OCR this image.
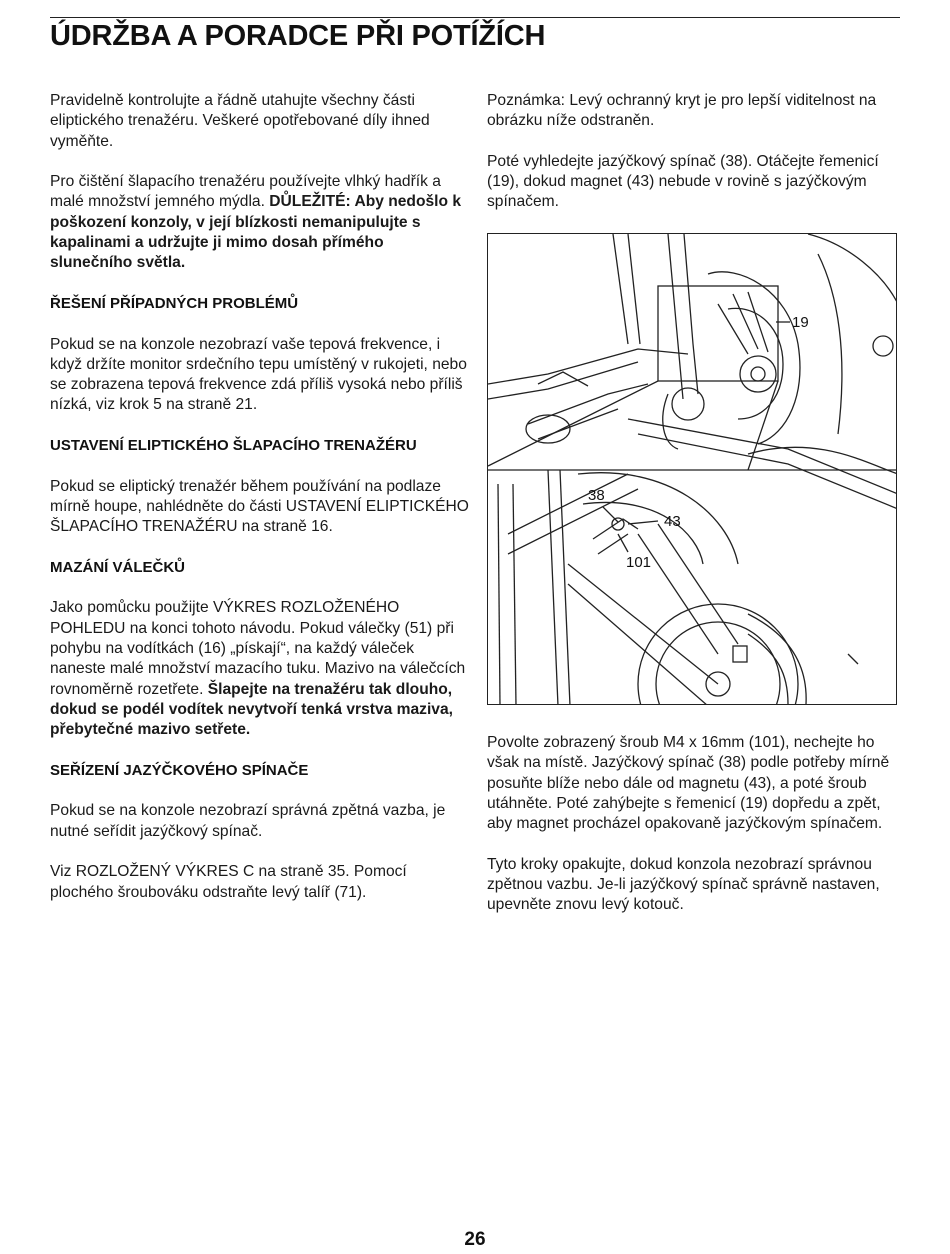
ÚDRŽBA A PORADCE PŘI POTÍŽÍCH

Pravidelně kontrolujte a řádně utahujte všechny části eliptického trenažéru. Veškeré opotřebované díly ihned vyměňte.

Pro čištění šlapacího trenažéru používejte vlhký hadřík a malé množství jemného mýdla. DŮLEŽITÉ: Aby nedošlo k poškození konzoly, v její blízkosti nemanipulujte s kapalinami a udržujte ji mimo dosah přímého slunečního světla.

ŘEŠENÍ PŘÍPADNÝCH PROBLÉMŮ

Pokud se na konzole nezobrazí vaše tepová frekvence, i když držíte monitor srdečního tepu umístěný v rukojeti, nebo se zobrazena tepová frekvence zdá příliš vysoká nebo příliš nízká, viz krok 5 na straně 21.

USTAVENÍ ELIPTICKÉHO ŠLAPACÍHO TRENAŽÉRU

Pokud se eliptický trenažér během používání na podlaze mírně houpe, nahlédněte do části USTAVENÍ ELIPTICKÉHO ŠLAPACÍHO TRENAŽÉRU na straně 16.

MAZÁNÍ VÁLEČKŮ

Jako pomůcku použijte VÝKRES ROZLOŽENÉHO POHLEDU na konci tohoto návodu. Pokud válečky (51) při pohybu na vodítkách (16) „pískají“, na každý váleček naneste malé množství mazacího tuku. Mazivo na válečcích rovnoměrně rozetřete. Šlapejte na trenažéru tak dlouho, dokud se podél vodítek nevytvoří tenká vrstva maziva, přebytečné mazivo setřete.

SEŘÍZENÍ JAZÝČKOVÉHO SPÍNAČE

Pokud se na konzole nezobrazí správná zpětná vazba, je nutné seřídit jazýčkový spínač.

Viz ROZLOŽENÝ VÝKRES C na straně 35. Pomocí plochého šroubováku odstraňte levý talíř (71).

Poznámka: Levý ochranný kryt je pro lepší viditelnost na obrázku níže odstraněn.

Poté vyhledejte jazýčkový spínač (38). Otáčejte řemenicí (19), dokud magnet (43) nebude v rovině s jazýčkovým spínačem.

19
38
43
101

Povolte zobrazený šroub M4 x 16mm (101), nechejte ho však na místě. Jazýčkový spínač (38) podle potřeby mírně posuňte blíže nebo dále od magnetu (43), a poté šroub utáhněte. Poté zahýbejte s řemenicí (19) dopředu a zpět, aby magnet procházel opakovaně jazýčkovým spínačem.

Tyto kroky opakujte, dokud konzola nezobrazí správnou zpětnou vazbu. Je-li jazýčkový spínač správně nastaven, upevněte znovu levý kotouč.

26
